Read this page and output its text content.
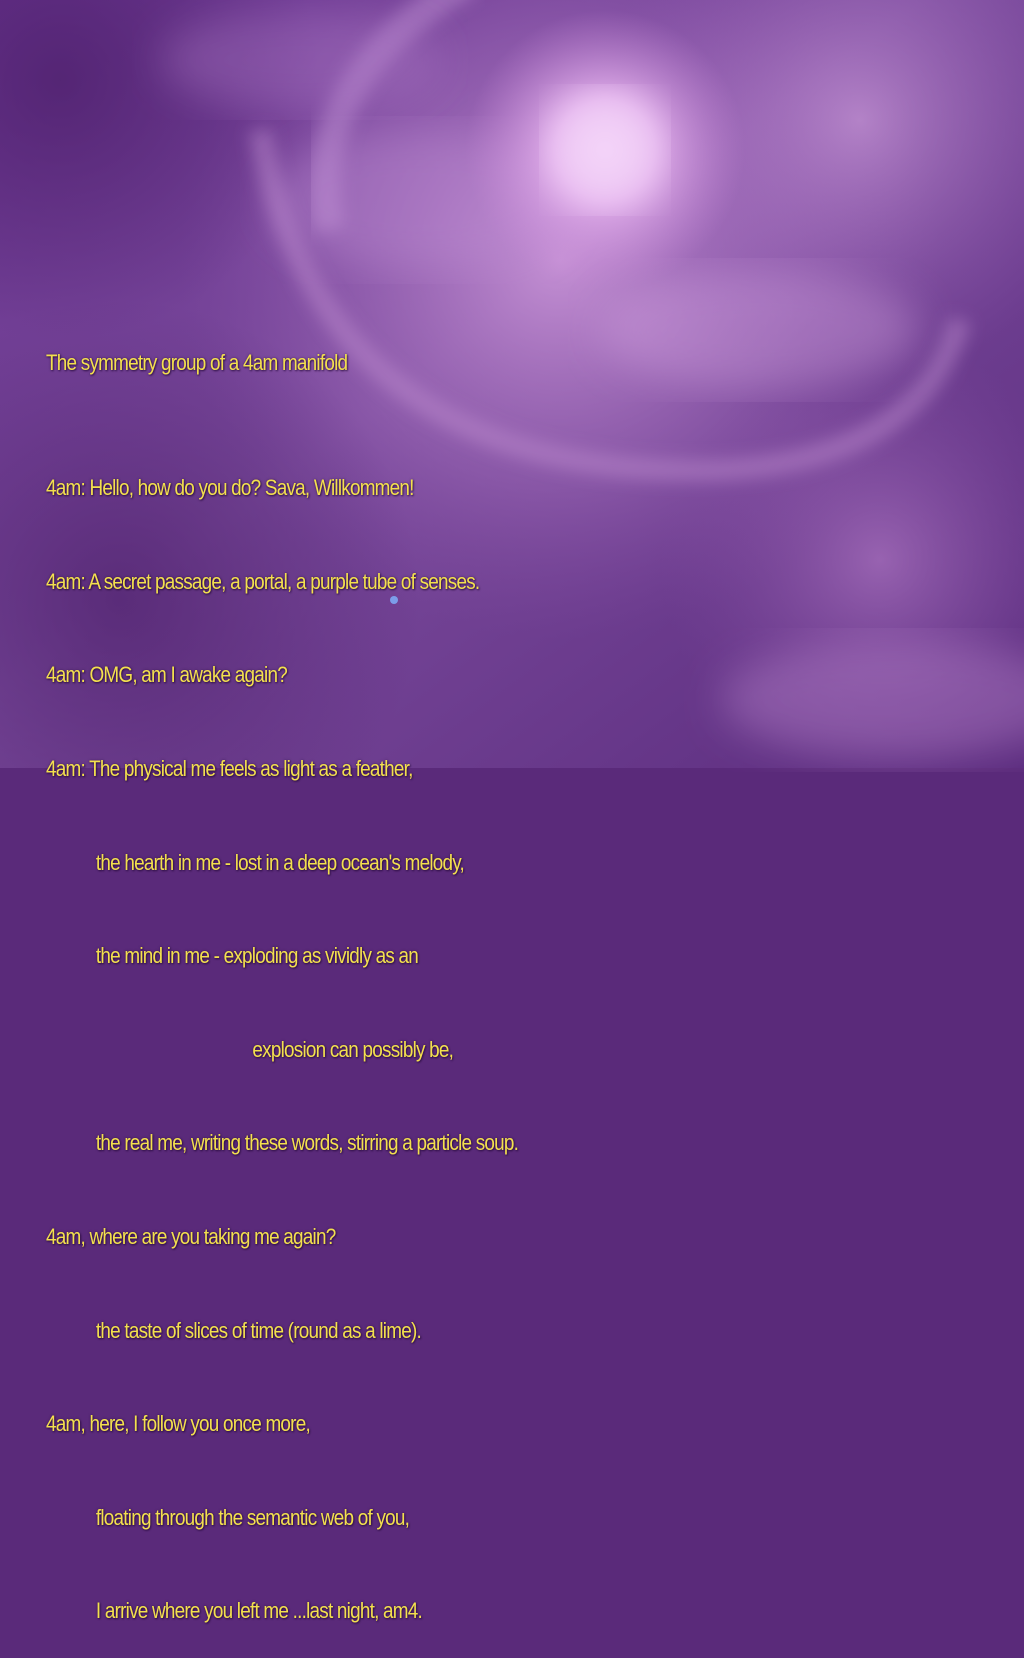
The symmetry group of a 4am manifold

4am: Hello, how do you do? Sava, Willkommen!

4am: A secret passage, a portal, a purple tube of senses.

4am: OMG, am I awake again?

4am: The physical me feels as light as a feather,

the hearth in me - lost in a deep ocean's melody,

the mind in me - exploding as vividly as an

explosion can possibly be,

the real me, writing these words, stirring a particle soup.

4am, where are you taking me again?

the taste of slices of time (round as a lime).

4am, here, I follow you once more,

floating through the semantic web of you,

I arrive where you left me ...last night, am4.
